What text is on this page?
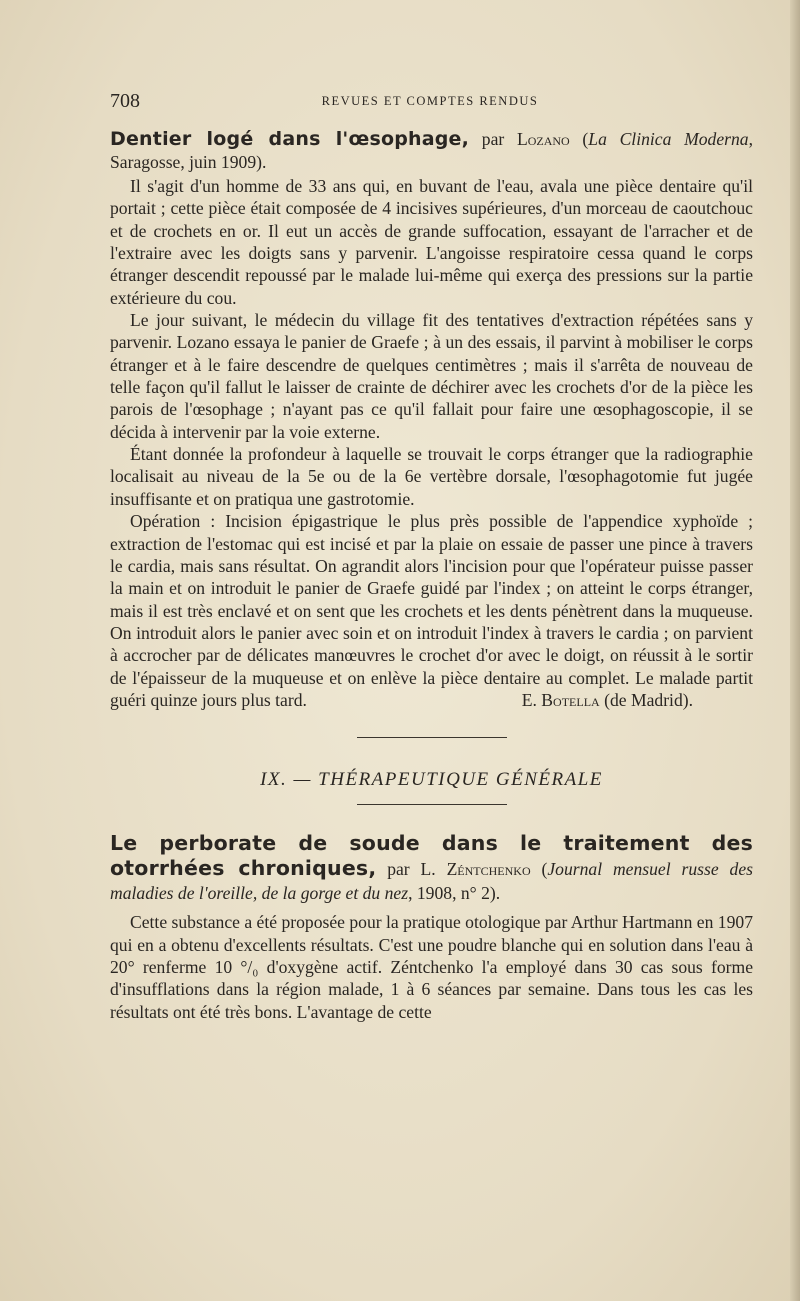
708	REVUES ET COMPTES RENDUS

Dentier logé dans l'œsophage, par Lozano (La Clinica Moderna, Saragosse, juin 1909).

Il s'agit d'un homme de 33 ans qui, en buvant de l'eau, avala une pièce dentaire qu'il portait ; cette pièce était composée de 4 incisives supérieures, d'un morceau de caoutchouc et de crochets en or. Il eut un accès de grande suffocation, essayant de l'arracher et de l'extraire avec les doigts sans y parvenir. L'angoisse respiratoire cessa quand le corps étranger descendit repoussé par le malade lui-même qui exerça des pressions sur la partie extérieure du cou.

Le jour suivant, le médecin du village fit des tentatives d'extraction répétées sans y parvenir. Lozano essaya le panier de Graefe ; à un des essais, il parvint à mobiliser le corps étranger et à le faire descendre de quelques centimètres ; mais il s'arrêta de nouveau de telle façon qu'il fallut le laisser de crainte de déchirer avec les crochets d'or de la pièce les parois de l'œsophage ; n'ayant pas ce qu'il fallait pour faire une œsophagoscopie, il se décida à intervenir par la voie externe.

Étant donnée la profondeur à laquelle se trouvait le corps étranger que la radiographie localisait au niveau de la 5e ou de la 6e vertèbre dorsale, l'œsophagotomie fut jugée insuffisante et on pratiqua une gastrotomie.

Opération : Incision épigastrique le plus près possible de l'appendice xyphoïde ; extraction de l'estomac qui est incisé et par la plaie on essaie de passer une pince à travers le cardia, mais sans résultat. On agrandit alors l'incision pour que l'opérateur puisse passer la main et on introduit le panier de Graefe guidé par l'index ; on atteint le corps étranger, mais il est très enclavé et on sent que les crochets et les dents pénètrent dans la muqueuse. On introduit alors le panier avec soin et on introduit l'index à travers le cardia ; on parvient à accrocher par de délicates manœuvres le crochet d'or avec le doigt, on réussit à le sortir de l'épaisseur de la muqueuse et on enlève la pièce dentaire au complet. Le malade partit guéri quinze jours plus tard.	E. Botella (de Madrid).

IX. — THÉRAPEUTIQUE GÉNÉRALE

Le perborate de soude dans le traitement des otorrhées chroniques, par L. Zéntchenko (Journal mensuel russe des maladies de l'oreille, de la gorge et du nez, 1908, n° 2).

Cette substance a été proposée pour la pratique otologique par Arthur Hartmann en 1907 qui en a obtenu d'excellents résultats. C'est une poudre blanche qui en solution dans l'eau à 20° renferme 10 °/₀ d'oxygène actif. Zéntchenko l'a employé dans 30 cas sous forme d'insufflations dans la région malade, 1 à 6 séances par semaine. Dans tous les cas les résultats ont été très bons. L'avantage de cette
